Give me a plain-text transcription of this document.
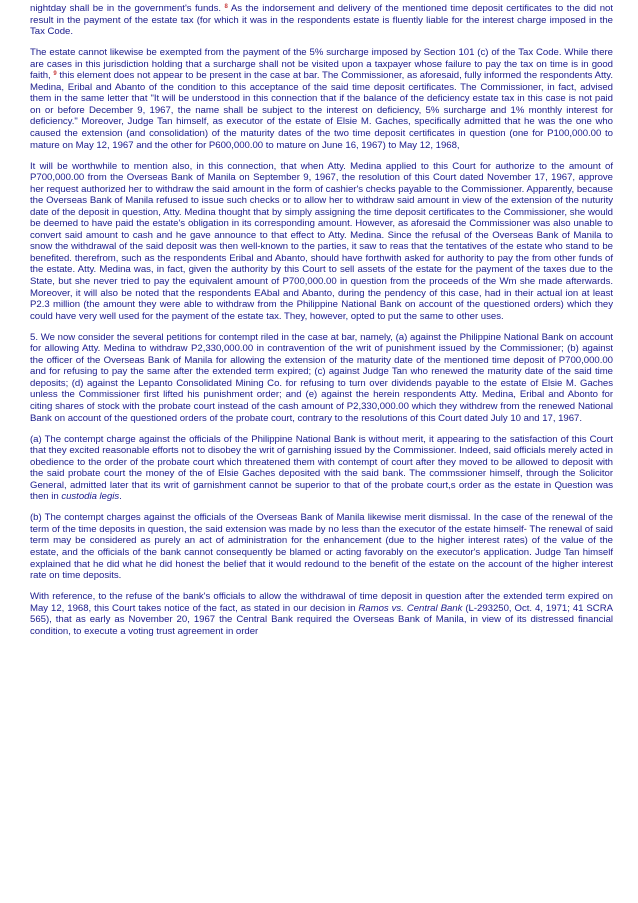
nightday shall be in the government's funds. $^8$ As the indorsement and delivery of the mentioned time deposit certificates to the did not result in the payment of the estate tax (for which it was in the respondents estate is fluently liable for the interest charge imposed in the Tax Code.

The estate cannot likewise be exempted from the payment of the 5% surcharge imposed by Section 101 (c) of the Tax Code. While there are cases in this jurisdiction holding that a surcharge shall not be visited upon a taxpayer whose failure to pay the tax on time is in good faith, $^9$ this element does not appear to be present in the case at bar. The Commissioner, as aforesaid, fully informed the respondents Atty. Medina, Eribal and Abanto of the condition to this acceptance of the said time deposit certificates. The Commissioner, in fact, advised them in the same letter that "It will be understood in this connection that if the balance of the deficiency estate tax in this case is not paid on or before December 9, 1967, the name shall be subject to the interest on deficiency, 5% surcharge and 1% monthly interest for deficiency." Moreover, Judge Tan himself, as executor of the estate of Elsie M. Gaches, specifically admitted that he was the one who caused the extension (and consolidation) of the maturity dates of the two time deposit certificates in question (one for P100,000.00 to mature on May 12, 1967 and the other for P600,000.00 to mature on June 16, 1967) to May 12, 1968,

It will be worthwhile to mention also, in this connection, that when Atty. Medina applied to this Court for authorize to the amount of P700,000.00 from the Overseas Bank of Manila on September 9, 1967, the resolution of this Court dated November 17, 1967, approve her request authorized her to withdraw the said amount in the form of cashier's checks payable to the Commissioner. Apparently, because the Overseas Bank of Manila refused to issue such checks or to allow her to withdraw said amount in view of the extension of the nuturity date of the deposit in question, Atty. Medina thought that by simply assigning the time deposit certificates to the Commissioner, she would be deemed to have paid the estate's obligation in its corresponding amount. However, as aforesaid the Commissioner was also unable to convert said amount to cash and he gave announce to that effect to Atty. Medina. Since the refusal of the Overseas Bank of Manila to snow the withdrawal of the said deposit was then well-known to the parties, it saw to reas that the tentatives of the estate who stand to be benefited. therefrom, such as the respondents Eribal and Abanto, should have forthwith asked for authority to pay the from other funds of the estate. Atty. Medina was, in fact, given the authority by this Court to sell assets of the estate for the payment of the taxes due to the State, but she never tried to pay the equivalent amount of P700,000.00 in question from the proceeds of the Wm she made afterwards. Moreover, it will also be noted that the respondents EAbal and Abanto, during the pendency of this case, had in their actual ion at least P2.3 million (the amount they were able to withdraw from the Philippine National Bank on account of the questioned orders) which they could have very well used for the payment of the estate tax. They, however, opted to put the same to other uses.

5. We now consider the several petitions for contempt riled in the case at bar, namely, (a) against the Philippine National Bank on account for allowing Atty. Medina to withdraw P2,330,000.00 in contravention of the writ of punishment issued by the Commissioner; (b) against the officer of the Overseas Bank of Manila for allowing the extension of the maturity date of the mentioned time deposit of P700,000.00 and for refusing to pay the same after the extended term expired; (c) against Judge Tan who renewed the maturity date of the said time deposits; (d) against the Lepanto Consolidated Mining Co. for refusing to turn over dividends payable to the estate of Elsie M. Gaches unless the Commissioner first lifted his punishment order; and (e) against the herein respondents Atty. Medina, Eribal and Abonto for citing shares of stock with the probate court instead of the cash amount of P2,330,000.00 which they withdrew from the renewed National Bank on account of the questioned orders of the probate court, contrary to the resolutions of this Court dated July 10 and 17, 1967.

(a) The contempt charge against the officials of the Philippine National Bank is without merit, it appearing to the satisfaction of this Court that they excited reasonable efforts not to disobey the writ of garnishing issued by the Commissioner. Indeed, said officials merely acted in obedience to the order of the probate court which threatened them with contempt of court after they moved to be allowed to deposit with the said probate court the money of the of Elsie Gaches deposited with the said bank. The commssioner himself, through the Solicitor General, admitted later that its writ of garnishment cannot be superior to that of the probate court,s order as the estate in Question was then in custodia legis.

(b) The contempt charges against the officials of the Overseas Bank of Manila likewise merit dismissal. In the case of the renewal of the term of the time deposits in question, the said extension was made by no less than the executor of the estate himself- The renewal of said term may be considered as purely an act of administration for the enhancement (due to the higher interest rates) of the value of the estate, and the officials of the bank cannot consequently be blamed or acting favorably on the executor's application. Judge Tan himself explained that he did what he did honest the belief that it would redound to the benefit of the estate on the account of the higher interest rate on time deposits.

With reference, to the refuse of the bank's officials to allow the withdrawal of time deposit in question after the extended term expired on May 12, 1968, this Court takes notice of the fact, as stated in our decision in Ramos vs. Central Bank (L-293250, Oct. 4, 1971; 41 SCRA 565), that as early as November 20, 1967 the Central Bank required the Overseas Bank of Manila, in view of its distressed financial condition, to execute a voting trust agreement in order
